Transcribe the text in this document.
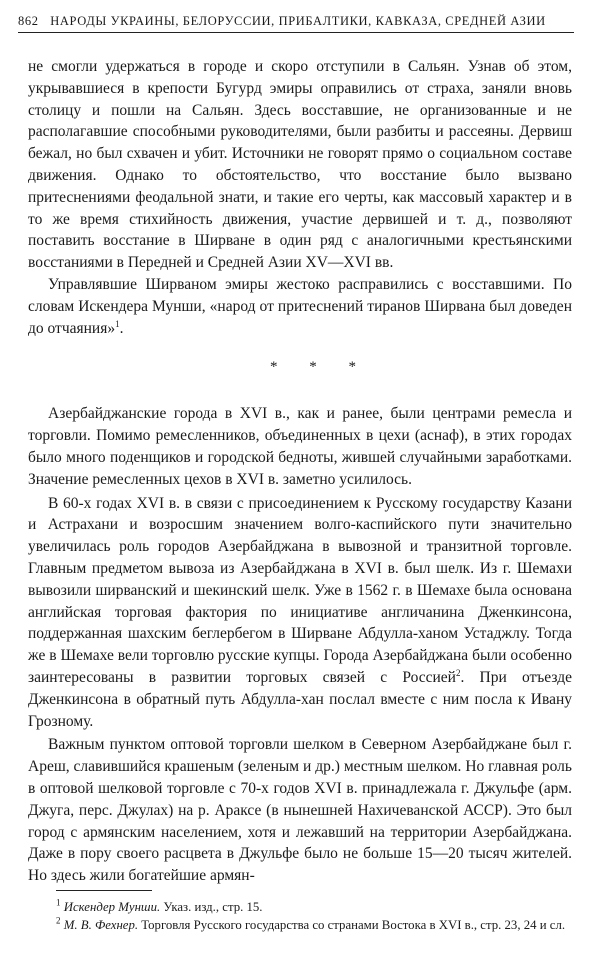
862 НАРОДЫ УКРАИНЫ, БЕЛОРУССИИ, ПРИБАЛТИКИ, КАВКАЗА, СРЕДНЕЙ АЗИИ

не смогли удержаться в городе и скоро отступили в Сальян. Узнав об этом, укрывавшиеся в крепости Бугурд эмиры оправились от страха, заняли вновь столицу и пошли на Сальян. Здесь восставшие, не организованные и не располагавшие способными руководителями, были разбиты и рассеяны. Дервиш бежал, но был схвачен и убит. Источники не говорят прямо о социальном составе движения. Однако то обстоятельство, что восстание было вызвано притеснениями феодальной знати, и такие его черты, как массовый характер и в то же время стихийность движения, участие дервишей и т. д., позволяют поставить восстание в Ширване в один ряд с аналогичными крестьянскими восстаниями в Передней и Средней Азии XV—XVI вв.

Управлявшие Ширваном эмиры жестоко расправились с восставшими. По словам Искендера Мунши, «народ от притеснений тиранов Ширвана был доведен до отчаяния»$^1$.

* * *

Азербайджанские города в XVI в., как и ранее, были центрами ремесла и торговли. Помимо ремесленников, объединенных в цехи (аснаф), в этих городах было много поденщиков и городской бедноты, жившей случайными заработками. Значение ремесленных цехов в XVI в. заметно усилилось.

В 60-х годах XVI в. в связи с присоединением к Русскому государству Казани и Астрахани и возросшим значением волго-каспийского пути значительно увеличилась роль городов Азербайджана в вывозной и транзитной торговле. Главным предметом вывоза из Азербайджана в XVI в. был шелк. Из г. Шемахи вывозили ширванский и шекинский шелк. Уже в 1562 г. в Шемахе была основана английская торговая фактория по инициативе англичанина Дженкинсона, поддержанная шахским беглербегом в Ширване Абдулла-ханом Устаджлу. Тогда же в Шемахе вели торговлю русские купцы. Города Азербайджана были особенно заинтересованы в развитии торговых связей с Россией$^2$. При отъезде Дженкинсона в обратный путь Абдулла-хан послал вместе с ним посла к Ивану Грозному.

Важным пунктом оптовой торговли шелком в Северном Азербайджане был г. Ареш, славившийся крашеным (зеленым и др.) местным шелком. Но главная роль в оптовой шелковой торговле с 70-х годов XVI в. принадлежала г. Джульфе (арм. Джуга, перс. Джулах) на р. Араксе (в нынешней Нахичеванской АССР). Это был город с армянским населением, хотя и лежавший на территории Азербайджана. Даже в пору своего расцвета в Джульфе было не больше 15—20 тысяч жителей. Но здесь жили богатейшие армян-

$^1$ Искендер Мунши. Указ. изд., стр. 15.

$^2$ М. В. Фехнер. Торговля Русского государства со странами Востока в XVI в., стр. 23, 24 и сл.
